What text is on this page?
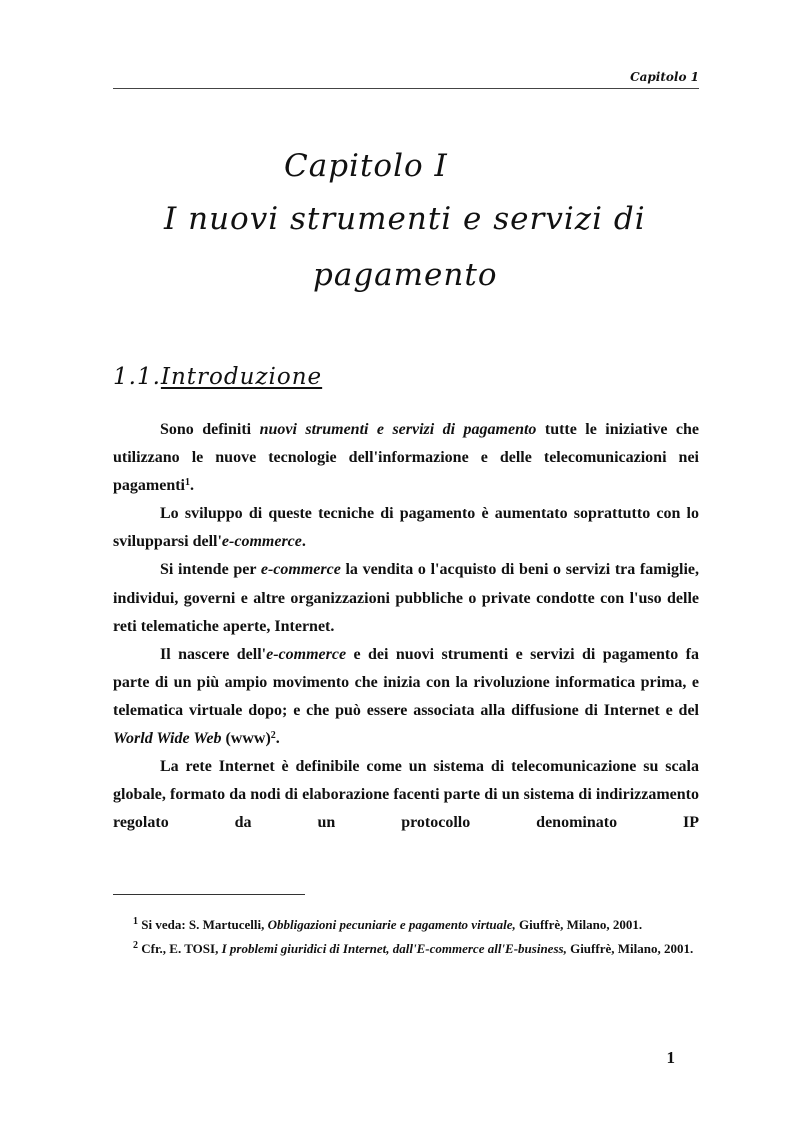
Capitolo 1
Capitolo I
I nuovi strumenti e servizi di
pagamento
1.1.Introduzione

Sono definiti nuovi strumenti e servizi di pagamento tutte le iniziative che utilizzano le nuove tecnologie dell'informazione e delle telecomunicazioni nei pagamenti$^1$.

Lo sviluppo di queste tecniche di pagamento è aumentato soprattutto con lo svilupparsi dell'e-commerce.

Si intende per e-commerce la vendita o l'acquisto di beni o servizi tra famiglie, individui, governi e altre organizzazioni pubbliche o private condotte con l'uso delle reti telematiche aperte, Internet.

Il nascere dell'e-commerce e dei nuovi strumenti e servizi di pagamento fa parte di un più ampio movimento che inizia con la rivoluzione informatica prima, e telematica virtuale dopo; e che può essere associata alla diffusione di Internet e del World Wide Web (www)$^2$.

La rete Internet è definibile come un sistema di telecomunicazione su scala globale, formato da nodi di elaborazione facenti parte di un sistema di indirizzamento regolato da un protocollo denominato IP

$^1$ Si veda: S. Martucelli, Obbligazioni pecuniarie e pagamento virtuale, Giuffrè, Milano, 2001.

$^2$ Cfr., E. TOSI, I problemi giuridici di Internet, dall'E-commerce all'E-business, Giuffrè, Milano, 2001.

1
